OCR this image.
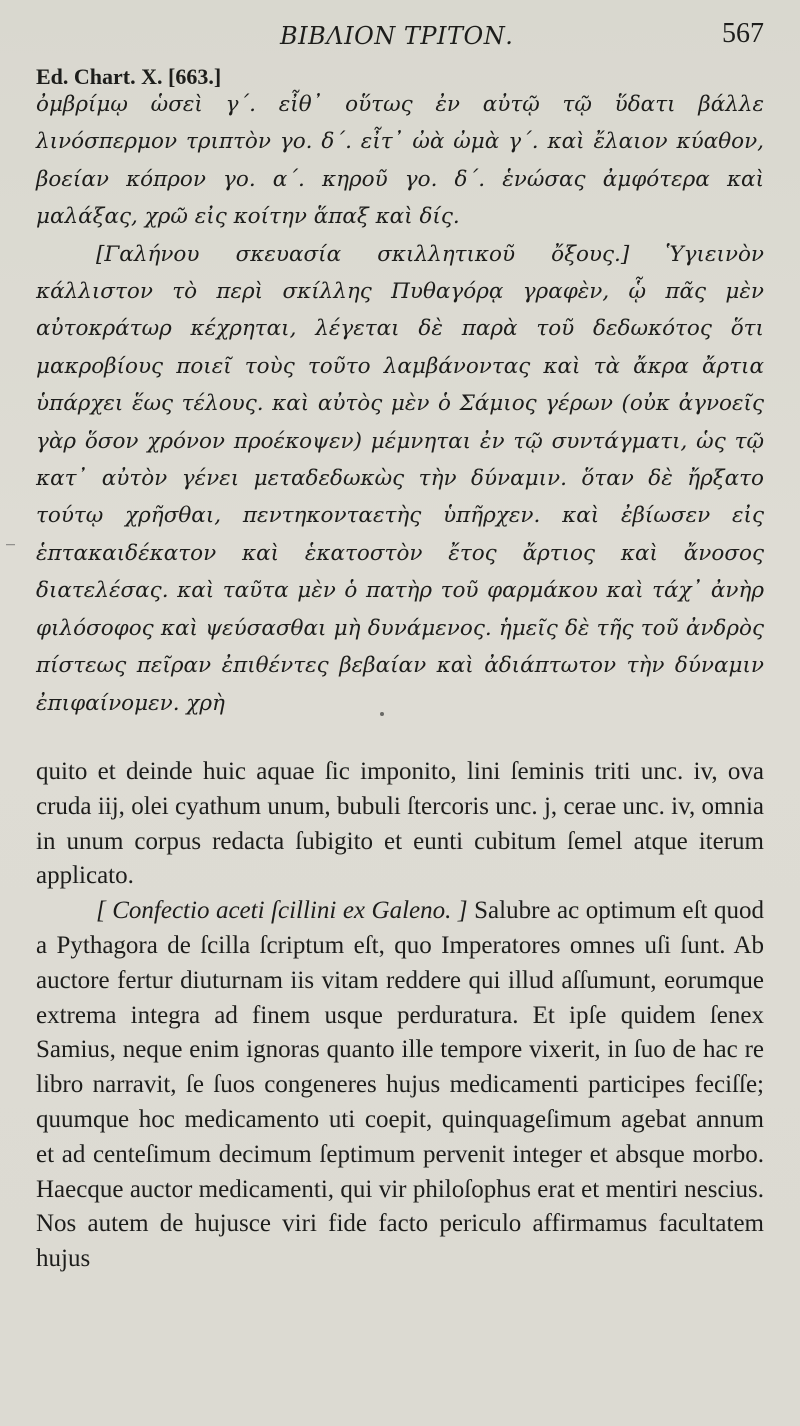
ΒΙΒΛΙΟΝ ΤΡΙΤΟΝ.	567
Ed. Chart. X. [663.]
_

ὀμβρίμῳ ὡσεὶ γ΄. εἶθ᾿ οὕτως ἐν αὐτῷ τῷ ὕδατι βάλλε λινόσπερμον τριπτὸν γο. δ΄. εἶτ᾿ ὠὰ ὠμὰ γ΄. καὶ ἔλαιον κύαθον, βοείαν κόπρον γο. α΄. κηροῦ γο. δ΄. ἑνώσας ἀμφότερα καὶ μαλάξας, χρῶ εἰς κοίτην ἅπαξ καὶ δίς.

[Γαλήνου σκευασία σκιλλητικοῦ ὄξους.] Ὑγιεινὸν κάλλιστον τὸ περὶ σκίλλης Πυθαγόρᾳ γραφὲν, ᾧ πᾶς μὲν αὐτοκράτωρ κέχρηται, λέγεται δὲ παρὰ τοῦ δεδωκότος ὅτι μακροβίους ποιεῖ τοὺς τοῦτο λαμβάνοντας καὶ τὰ ἄκρα ἄρτια ὑπάρχει ἕως τέλους. καὶ αὐτὸς μὲν ὁ Σάμιος γέρων (οὐκ ἀγνοεῖς γὰρ ὅσον χρόνον προέκοψεν) μέμνηται ἐν τῷ συντάγματι, ὡς τῷ κατ᾿ αὐτὸν γένει μεταδεδωκὼς τὴν δύναμιν. ὅταν δὲ ἤρξατο τούτῳ χρῆσθαι, πεντηκονταετὴς ὑπῆρχεν. καὶ ἐβίωσεν εἰς ἑπτακαιδέκατον καὶ ἑκατοστὸν ἔτος ἄρτιος καὶ ἄνοσος διατελέσας. καὶ ταῦτα μὲν ὁ πατὴρ τοῦ φαρμάκου καὶ τάχ᾿ ἀνὴρ φιλόσοφος καὶ ψεύσασθαι μὴ δυνάμενος. ἡμεῖς δὲ τῆς τοῦ ἀνδρὸς πίστεως πεῖραν ἐπιθέντες βεβαίαν καὶ ἀδιάπτωτον τὴν δύναμιν ἐπιφαίνομεν. χρὴ

quito et deinde huic aquae ſic imponito, lini ſeminis triti unc. iv, ova cruda iij, olei cyathum unum, bubuli ſtercoris unc. j, cerae unc. iv, omnia in unum corpus redacta ſubigito et eunti cubitum ſemel atque iterum applicato.

[ Confectio aceti ſcillini ex Galeno. ] Salubre ac optimum eſt quod a Pythagora de ſcilla ſcriptum eſt, quo Imperatores omnes uſi ſunt. Ab auctore fertur diuturnam iis vitam reddere qui illud aſſumunt, eorumque extrema integra ad finem usque perduratura. Et ipſe quidem ſenex Samius, neque enim ignoras quanto ille tempore vixerit, in ſuo de hac re libro narravit, ſe ſuos congeneres hujus medicamenti participes feciſſe; quumque hoc medicamento uti coepit, quinquageſimum agebat annum et ad centeſimum decimum ſeptimum pervenit integer et absque morbo. Haecque auctor medicamenti, qui vir philoſophus erat et mentiri nescius. Nos autem de hujusce viri fide facto periculo affirmamus facultatem hujus
